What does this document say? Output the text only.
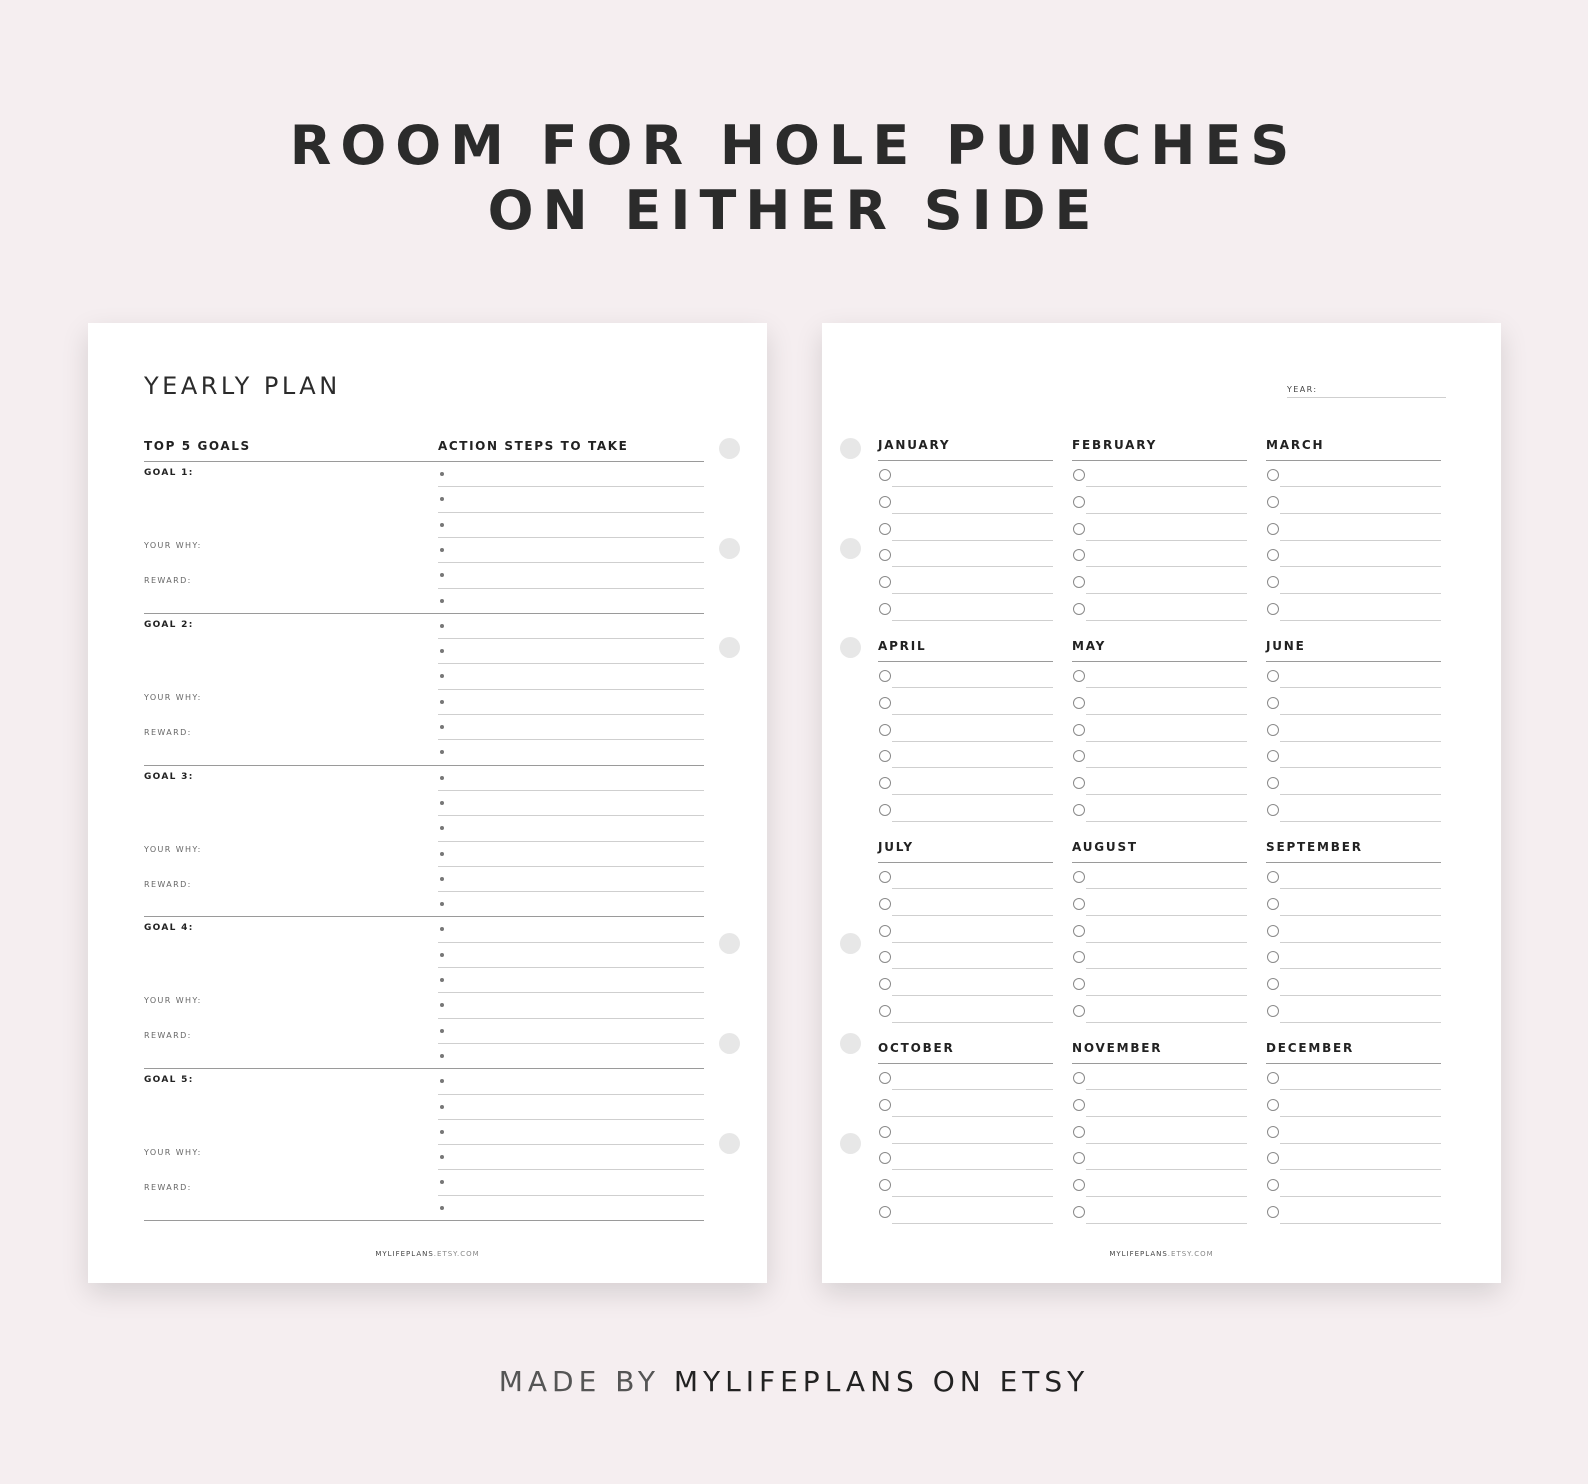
ROOM FOR HOLE PUNCHES
ON EITHER SIDE
YEARLY PLAN
TOP 5 GOALS	ACTION STEPS TO TAKE
GOAL 1:
YOUR WHY:
REWARD:
GOAL 2:
YOUR WHY:
REWARD:
GOAL 3:
YOUR WHY:
REWARD:
GOAL 4:
YOUR WHY:
REWARD:
GOAL 5:
YOUR WHY:
REWARD:
MYLIFEPLANS.ETSY.COM
YEAR:
JANUARY	FEBRUARY	MARCH
APRIL	MAY	JUNE
JULY	AUGUST	SEPTEMBER
OCTOBER	NOVEMBER	DECEMBER
MYLIFEPLANS.ETSY.COM
MADE BY MYLIFEPLANS ON ETSY
